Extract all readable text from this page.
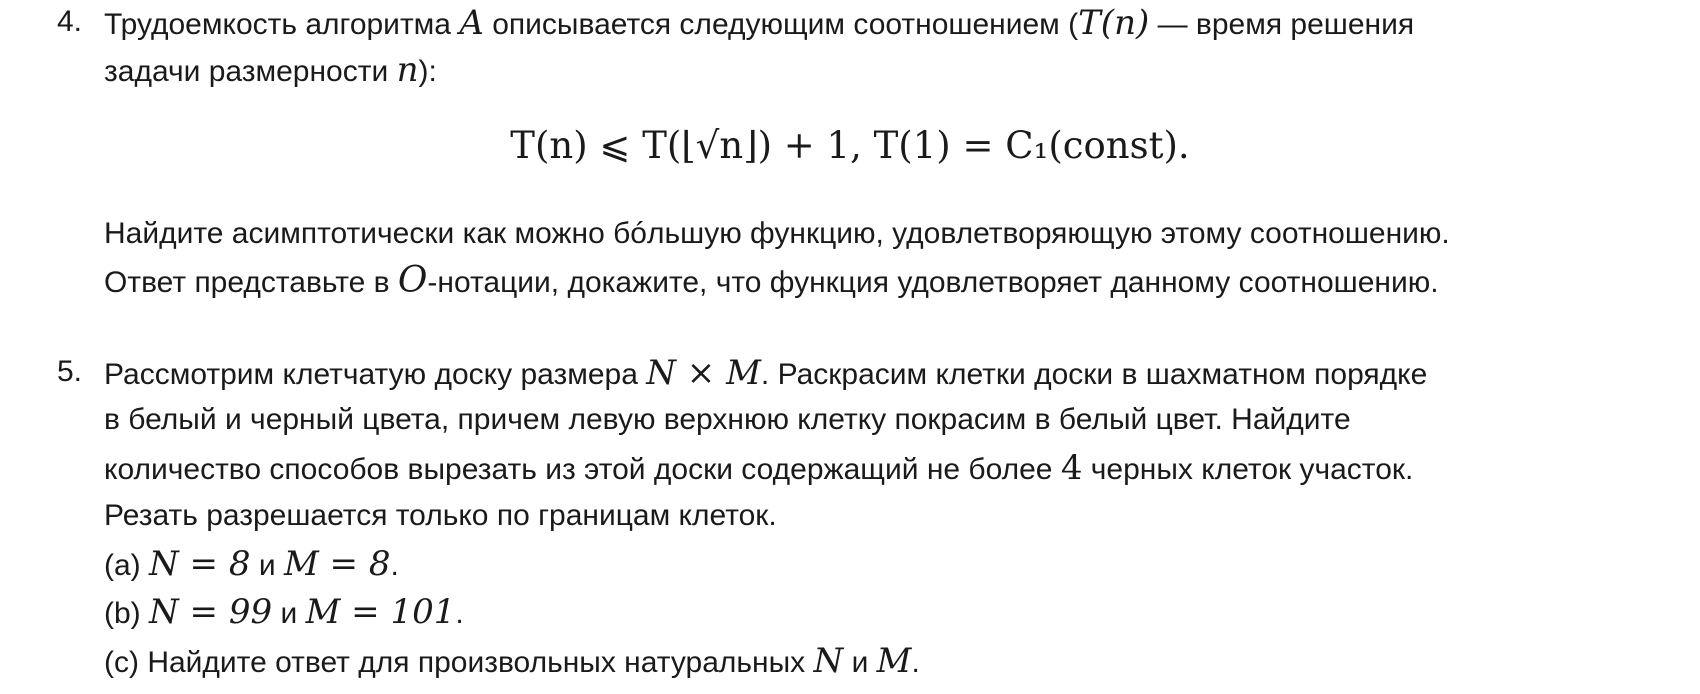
4. Трудоемкость алгоритма A описывается следующим соотношением (T(n) — время решения
задачи размерности n):
T(n) ⩽ T(⌊√n⌋) + 1, T(1) = C₁(const).
Найдите асимптотически как можно бóльшую функцию, удовлетворяющую этому соотношению.
Ответ представьте в O-нотации, докажите, что функция удовлетворяет данному соотношению.
5. Рассмотрим клетчатую доску размера N × M. Раскрасим клетки доски в шахматном порядке
в белый и черный цвета, причем левую верхнюю клетку покрасим в белый цвет. Найдите
количество способов вырезать из этой доски содержащий не более 4 черных клеток участок.
Резать разрешается только по границам клеток.
(a) N = 8 и M = 8.
(b) N = 99 и M = 101.
(c) Найдите ответ для произвольных натуральных N и M.
